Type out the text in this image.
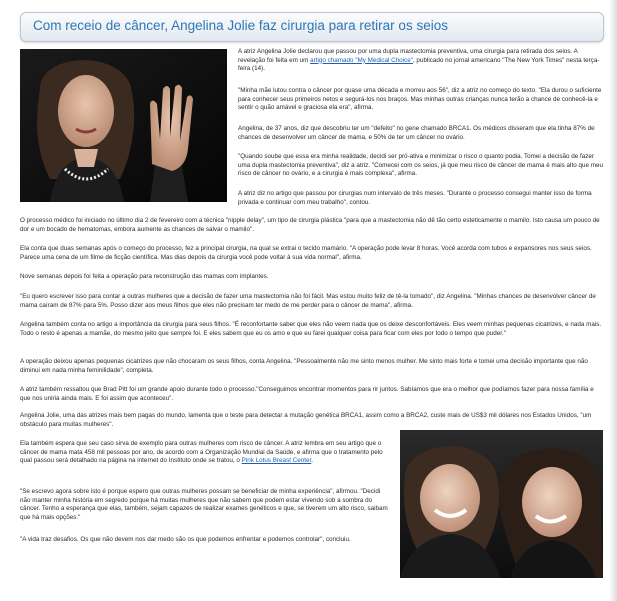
Com receio de câncer, Angelina Jolie faz cirurgia para retirar os seios

A atriz Angelina Jolie declarou que passou por uma dupla mastectomia preventiva, uma cirurgia para retirada dos seios. A revelação foi feita em um artigo chamado "My Medical Choice", publicado no jornal americano "The New York Times" nesta terça-feira (14).

"Minha mãe lutou contra o câncer por quase uma década e morreu aos 56", diz a atriz no começo do texto. "Ela durou o suficiente para conhecer seus primeiros netos e segurá-los nos braços. Mas minhas outras crianças nunca terão a chance de conhecê-la e sentir o quão amável e graciosa ela era", afirma.

Angelina, de 37 anos, diz que descobriu ter um "defeito" no gene chamado BRCA1. Os médicos disseram que ela tinha 87% de chances de desenvolver um câncer de mama, e 50% de ter um câncer no ovário.

"Quando soube que essa era minha realidade, decidi ser pró-ativa e minimizar o risco o quanto podia. Tomei a decisão de fazer uma dupla mastectomia preventiva", diz a atriz. "Comecei com os seios, já que meu risco de câncer de mama é mais alto que meu risco de câncer no ovário, e a cirurgia é mais complexa", afirma.

A atriz diz no artigo que passou por cirurgias num intervalo de três meses. "Durante o processo consegui manter isso de forma privada e continuar com meu trabalho", contou.

O processo médico foi iniciado no último dia 2 de fevereiro com a técnica "nipple delay", um tipo de cirurgia plástica "para que a mastectomia não dê tão certo esteticamente o mamilo. Isto causa um pouco de dor e um bocado de hematomas, embora aumente as chances de salvar o mamilo".

Ela conta que duas semanas após o começo do processo, fez a principal cirurgia, na qual se extrai o tecido mamário. "A operação pode levar 8 horas. Você acorda com tubos e expansores nos seus seios. Parece uma cena de um filme de ficção científica. Mas dias depois da cirurgia você pode voltar à sua vida normal", afirma.

Nove semanas depois foi feita a operação para reconstrução das mamas com implantes.

"Eu quero escrever isso para contar a outras mulheres que a decisão de fazer uma mastectomia não foi fácil. Mas estou muito feliz de tê-la tomado", diz Angelina. "Minhas chances de desenvolver câncer de mama caíram de 87% para 5%. Posso dizer aos meus filhos que eles não precisam ter medo de me perder para o câncer de mama", afirma.

Angelina também conta no artigo a importância da cirurgia para seus filhos. "É reconfortante saber que eles não veem nada que os deixe desconfortáveis. Eles veem minhas pequenas cicatrizes, e nada mais. Todo o resto é apenas a mamãe, do mesmo jeito que sempre foi. E eles sabem que eu os amo e que eu farei qualquer coisa para ficar com eles por todo o tempo que puder."

A operação deixou apenas pequenas cicatrizes que não chocaram os seus filhos, conta Angelina. "Pessoalmente não me sinto menos mulher. Me sinto mais forte e tomei uma decisão importante que não diminui em nada minha feminilidade", completa.

A atriz também ressaltou que Brad Pitt foi um grande apoio durante todo o processo."Conseguimos encontrar momentos para rir juntos. Sabíamos que era o melhor que podíamos fazer para nossa família e que nos uniria ainda mais. E foi assim que aconteceu".

Angelina Jolie, uma das atrizes mais bem pagas do mundo, lamenta que o teste para detectar a mutação genética BRCA1, assim como a BRCA2, custe mais de US$3 mil dólares nos Estados Unidos, "um obstáculo para muitas mulheres".

Ela também espera que seu caso sirva de exemplo para outras mulheres com risco de câncer. A atriz lembra em seu artigo que o câncer de mama mata 458 mil pessoas por ano, de acordo com a Organização Mundial da Saúde, e afirma que o tratamento pelo qual passou será detalhado na página na internet do Instituto onde se tratou, o Pink Lotus Breast Center.

"Se escrevo agora sobre isto é porque espero que outras mulheres possam se beneficiar de minha experiência", afirmou. "Decidi não manter minha história em segredo porque há muitas mulheres que não sabem que podem estar vivendo sob a sombra do câncer. Tenho a esperança que elas, também, sejam capazes de realizar exames genéticos e que, se tiverem um alto risco, saibam que há mais opções."

"A vida traz desafios. Os que não devem nos dar medo são os que podemos enfrentar e podemos controlar", concluiu.
